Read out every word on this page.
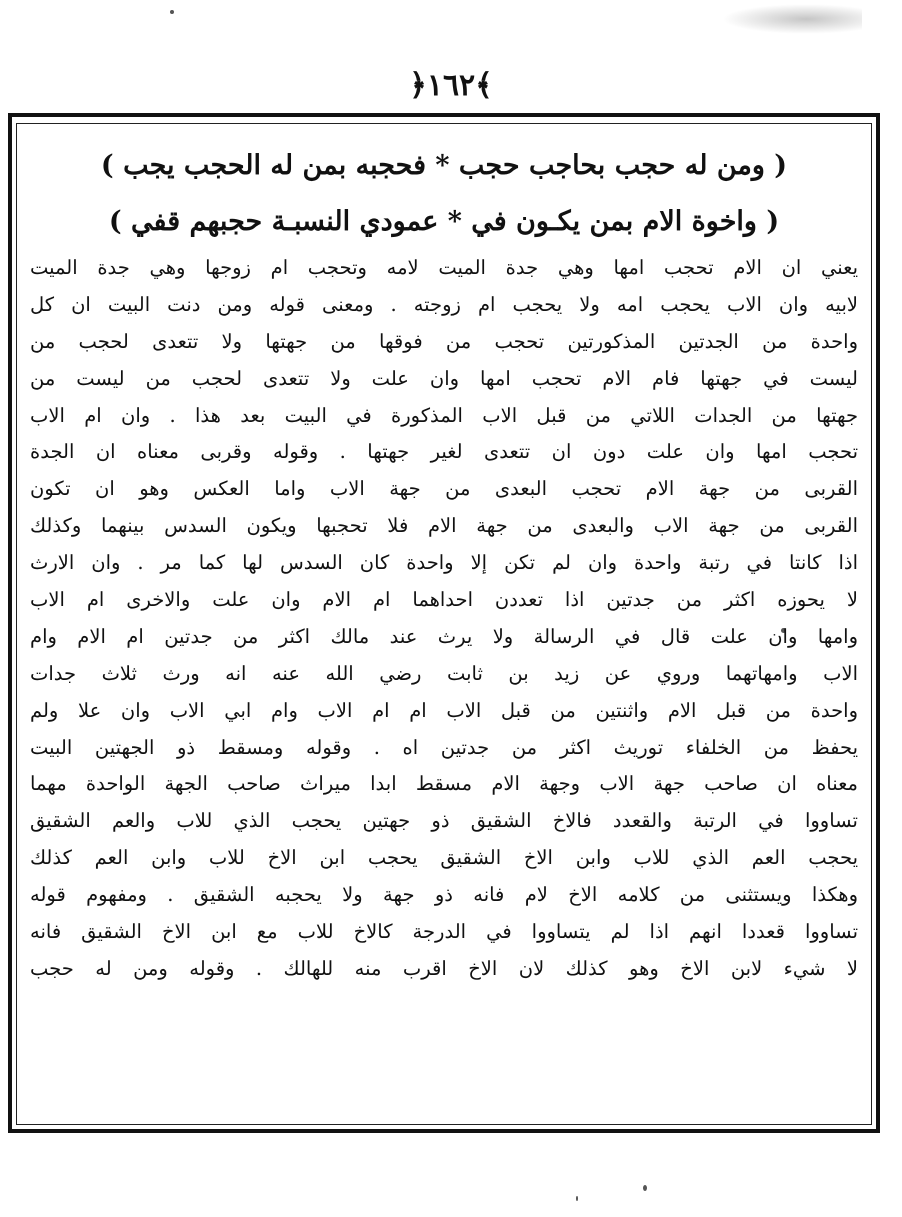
﴿١٦٢﴾
( ومن له حجب بحاجب حجب * فحجبه بمن له الحجب يجب )
( واخوة الام بمن يكـون في * عمودي النسبـة حجبهم قفي )
يعني ان الام تحجب امها وهي جدة الميت لامه وتحجب ام زوجها وهي جدة الميت
لابيه وان الاب يحجب امه ولا يحجب ام زوجته . ومعنى قوله ومن دنت البيت ان كل
واحدة من الجدتين المذكورتين تحجب من فوقها من جهتها ولا تتعدى لحجب من
ليست في جهتها فام الام تحجب امها وان علت ولا تتعدى لحجب من ليست من
جهتها من الجدات اللاتي من قبل الاب المذكورة في البيت بعد هذا . وان ام الاب
تحجب امها وان علت دون ان تتعدى لغير جهتها . وقوله وقربى معناه ان الجدة
القربى من جهة الام تحجب البعدى من جهة الاب واما العكس وهو ان تكون
القربى من جهة الاب والبعدى من جهة الام فلا تحجبها ويكون السدس بينهما وكذلك
اذا كانتا في رتبة واحدة وان لم تكن إلا واحدة كان السدس لها كما مر . وان الارث
لا يحوزه اكثر من جدتين اذا تعددن احداهما ام الام وان علت والاخرى ام الاب
وامها وان علت قال في الرسالة ولا يرث عند مالك اكثر من جدتين ام الام وام
الاب وامهاتهما وروي عن زيد بن ثابت رضي الله عنه انه ورث ثلاث جدات
واحدة من قبل الام واثنتين من قبل الاب ام ام الاب وام ابي الاب وان علا ولم
يحفظ من الخلفاء توريث اكثر من جدتين اه . وقوله ومسقط ذو الجهتين البيت
معناه ان صاحب جهة الاب وجهة الام مسقط ابدا ميراث صاحب الجهة الواحدة مهما
تساووا في الرتبة والقعدد فالاخ الشقيق ذو جهتين يحجب الذي للاب والعم الشقيق
يحجب العم الذي للاب وابن الاخ الشقيق يحجب ابن الاخ للاب وابن العم كذلك
وهكذا ويستثنى من كلامه الاخ لام فانه ذو جهة ولا يحجبه الشقيق . ومفهوم قوله
تساووا قعددا انهم اذا لم يتساووا في الدرجة كالاخ للاب مع ابن الاخ الشقيق فانه
لا شيء لابن الاخ وهو كذلك لان الاخ اقرب منه للهالك . وقوله ومن له حجب
